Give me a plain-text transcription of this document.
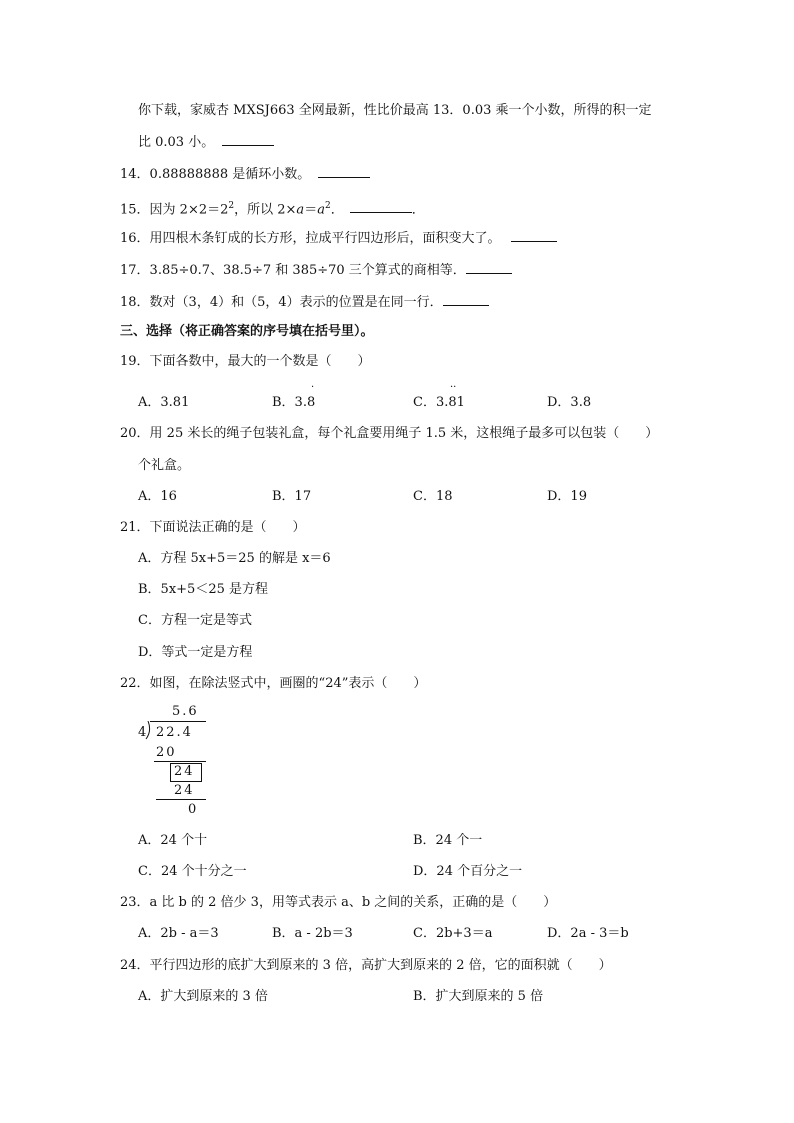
你下载，家威杏 MXSJ663 全网最新，性比价最高 13．0.03 乘一个小数，所得的积一定
比 0.03 小。
14．0.88888888 是循环小数。
15．因为 $2\times 2=2^2$，所以 $2\times a=a^2$．	．
16．用四根木条钉成的长方形，拉成平行四边形后，面积变大了。
17．3.85÷0.7、38.5÷7 和 385÷70 三个算式的商相等．
18．数对（3，4）和（5，4）表示的位置是在同一行．
三、选择（将正确答案的序号填在括号里）。
19．下面各数中，最大的一个数是（　　）
A．3.81	B．3.8
·
C．3.81
··
D．3.8
20．用 25 米长的绳子包装礼盒，每个礼盒要用绳子 1.5 米，这根绳子最多可以包装（　　）
个礼盒。
A．16	B．17	C．18	D．19
21．下面说法正确的是（　　）
A．方程 5x+5＝25 的解是 x＝6
B．5x+5＜25 是方程
C．方程一定是等式
D．等式一定是方程
22．如图，在除法竖式中，画圈的“24”表示（　　）
5.6
4 22.4
20
24
24
0
A．24 个十	B．24 个一
C．24 个十分之一	D．24 个百分之一
23．a 比 b 的 2 倍少 3，用等式表示 a、b 之间的关系，正确的是（　　）
A．2b - a＝3	B．a - 2b＝3	C．2b+3＝a	D．2a - 3＝b
24．平行四边形的底扩大到原来的 3 倍，高扩大到原来的 2 倍，它的面积就（　　）
A．扩大到原来的 3 倍	B．扩大到原来的 5 倍
